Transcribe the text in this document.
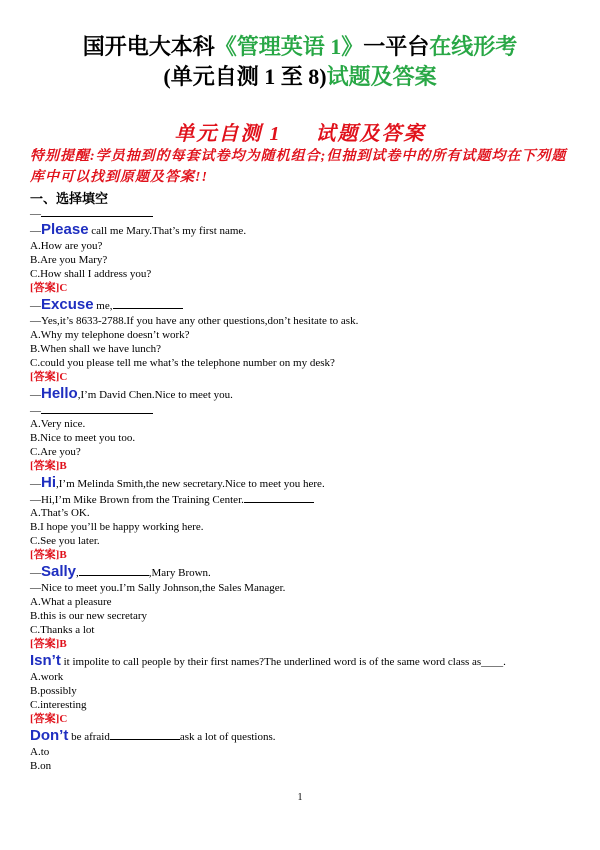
国开电大本科《管理英语 1》一平台在线形考
(单元自测 1 至 8)试题及答案
单元自测 1 试题及答案
特别提醒:学员抽到的每套试卷均为随机组合;但抽到试卷中的所有试题均在下列题库中可以找到原题及答案!!
一、选择填空
—
—Please call me Mary.That’s my first name.
A.How are you?
B.Are you Mary?
C.How shall I address you?
[答案]C
—Excuse me,
—Yes,it’s 8633-2788.If you have any other questions,don’t hesitate to ask.
A.Why my telephone doesn’t work?
B.When shall we have lunch?
C.could you please tell me what’s the telephone number on my desk?
[答案]C
—Hello,I’m David Chen.Nice to meet you.
—
A.Very nice.
B.Nice to meet you too.
C.Are you?
[答案]B
—Hi,I’m Melinda Smith,the new secretary.Nice to meet you here.
—Hi,I’m Mike Brown from the Training Center.
A.That’s OK.
B.I hope you’ll be happy working here.
C.See you later.
[答案]B
—Sally,	,Mary Brown.
—Nice to meet you.I’m Sally Johnson,the Sales Manager.
A.What a pleasure
B.this is our new secretary
C.Thanks a lot
[答案]B
Isn’t it impolite to call people by their first names?The underlined word is of the same word class as____.
A.work
B.possibly
C.interesting
[答案]C
Don’t be afraid	ask a lot of questions.
A.to
B.on
1
